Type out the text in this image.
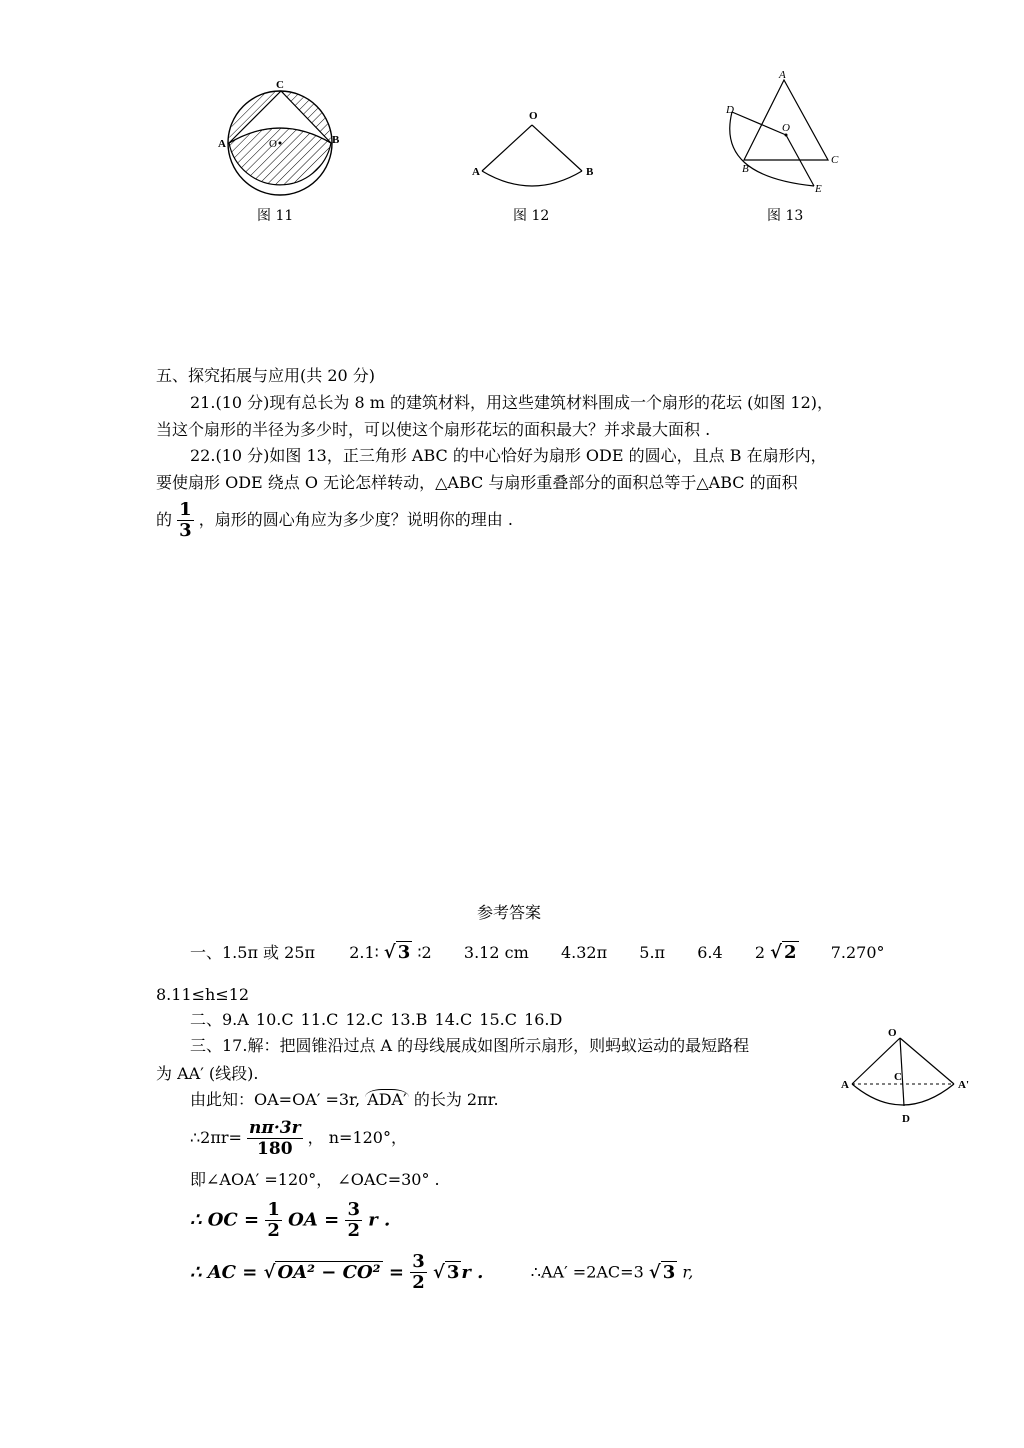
C
A	B
O
图 11
O
A	B
图 12
A
D
O
B
C
E
图 13
五、探究拓展与应用(共 20 分)
21.(10 分)现有总长为 8 m 的建筑材料，用这些建筑材料围成一个扇形的花坛 (如图 12)，
当这个扇形的半径为多少时，可以使这个扇形花坛的面积最大？并求最大面积 .
22.(10 分)如图 13，正三角形 ABC 的中心恰好为扇形 ODE 的圆心，且点 B 在扇形内，
要使扇形 ODE 绕点 O 无论怎样转动，△ABC 与扇形重叠部分的面积总等于△ABC 的面积
的 $\frac{1}{3}$ ，扇形的圆心角应为多少度？说明你的理由 .
参考答案
一、1.5π 或 25π 2.1∶ √ 3 ∶2 3.12 cm 4.32π 5.π 6.4 2 √ 2 7.270°
8.11≤h≤12
二、9.A 10.C 11.C 12.C 13.B 14.C 15.C 16.D
三、17.解：把圆锥沿过点 A 的母线展成如图所示扇形，则蚂蚁运动的最短路程
为 AA′ (线段).
由此知：OA=OA′ =3r, ADA′ 的长为 2πr.
∴2πr= $\frac{n\pi\cdot 3r}{180}$ ， n=120°，
即∠AOA′ =120°， ∠OAC=30° .
∴ OC = $\frac{1}{2}$ OA = $\frac{3}{2}$ r .
∴ AC = √ $OA^2 - CO^2 = \frac{3}{2}$ √ 3 r .	∴AA′ =2AC=3 √ 3 r,
O
A	A'
C
D
